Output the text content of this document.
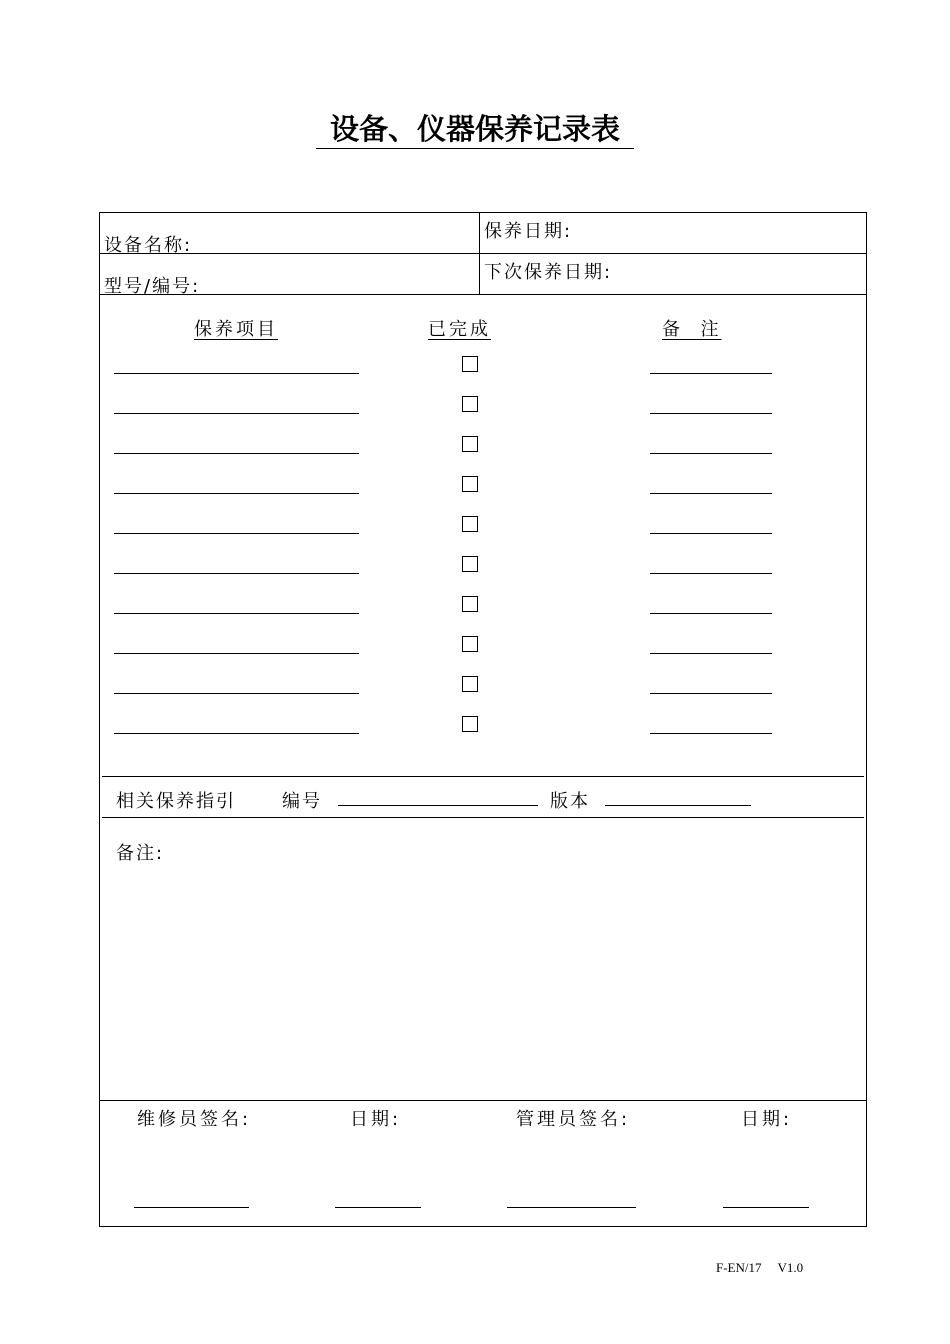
设备、仪器保养记录表
设备名称:
保养日期:
型号/编号:
下次保养日期:
保养项目	已完成	备  注
相关保养指引	编号	版本
备注:
维修员签名:	日期:	管理员签名:	日期:
F-EN/17 V1.0
